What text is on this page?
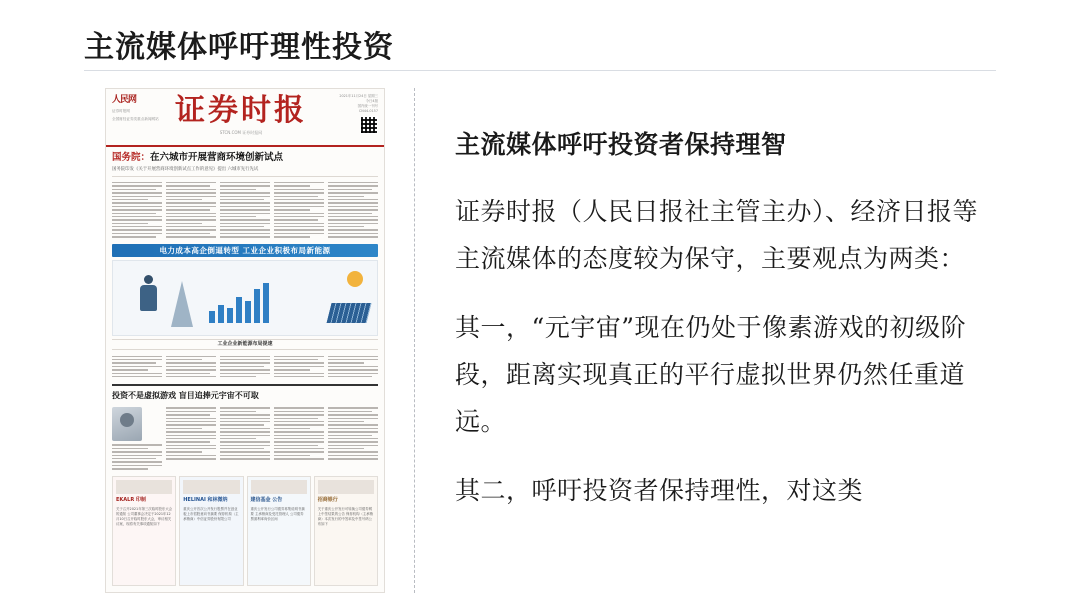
主流媒体呼吁理性投资
人民网
证券时报网
全国财经证券类重点新闻网站 证券时报
STCN.COM 证券时报网
2021年11月24日 星期三
今日4版
国内统一刊号
CN44-0157
国务院：在六城市开展营商环境创新试点
国务院印发《关于开展营商环境创新试点工作的意见》提出 六城市先行先试
电力成本高企倒逼转型 工业企业积极布局新能源
工业企业新能源布局提速
投资不是虚拟游戏 盲目追捧元宇宙不可取
EKALR 印制
关于召开2021年第三次临时股东大会的通知 公司董事会决定于2021年12月10日召开临时股东大会，审议相关议案，现将有关事项通知如下
HELINAI 和林微纳
重庆公开首次公开发行股票并在创业板上市招股意向书摘要 保荐机构（主承销商）中信证券股份有限公司
建信基金 公告
重庆公开发行公司债券募集说明书摘要 主承销商及受托管理人 公司债券票面利率询价区间
招商银行
关于重庆公开发行可转换公司债券网上中签结果的公告 保荐机构（主承销商）本次发行的中签率及中签号码公布如下
主流媒体呼吁投资者保持理智

证券时报（人民日报社主管主办）、经济日报等主流媒体的态度较为保守，主要观点为两类：

其一，“元宇宙”现在仍处于像素游戏的初级阶段，距离实现真正的平行虚拟世界仍然任重道远。

其二，呼吁投资者保持理性，对这类
